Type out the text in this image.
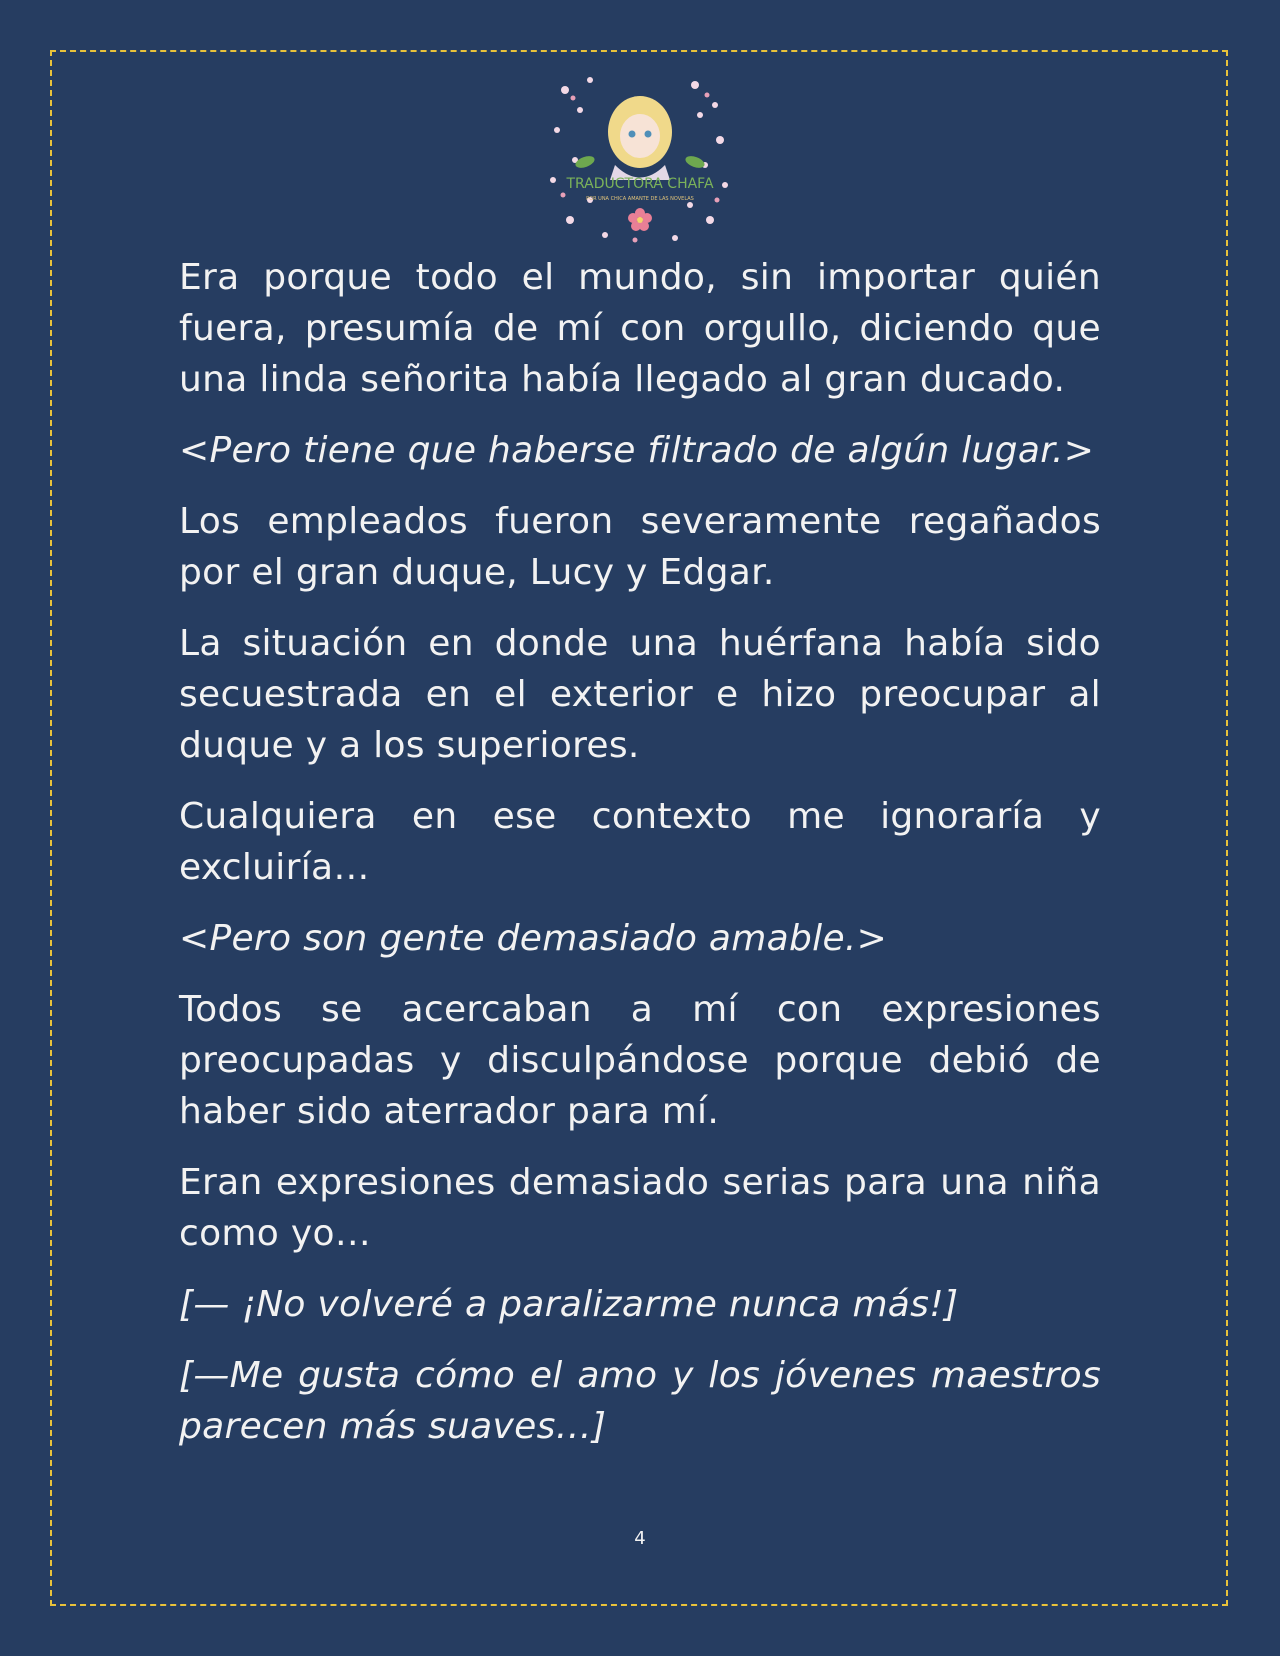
TRADUCTORA CHAFA
POR UNA CHICA AMANTE DE LAS NOVELAS

Era porque todo el mundo, sin importar quién fuera, presumía de mí con orgullo, diciendo que una linda señorita había llegado al gran ducado.

<Pero tiene que haberse filtrado de algún lugar.>

Los empleados fueron severamente regañados por el gran duque, Lucy y Edgar.

La situación en donde una huérfana había sido secuestrada en el exterior e hizo preocupar al duque y a los superiores.

Cualquiera en ese contexto me ignoraría y excluiría…

<Pero son gente demasiado amable.>

Todos se acercaban a mí con expresiones preocupadas y disculpándose porque debió de haber sido aterrador para mí.

Eran expresiones demasiado serias para una niña como yo…

[— ¡No volveré a paralizarme nunca más!]

[—Me gusta cómo el amo y los jóvenes maestros parecen más suaves…]

4
